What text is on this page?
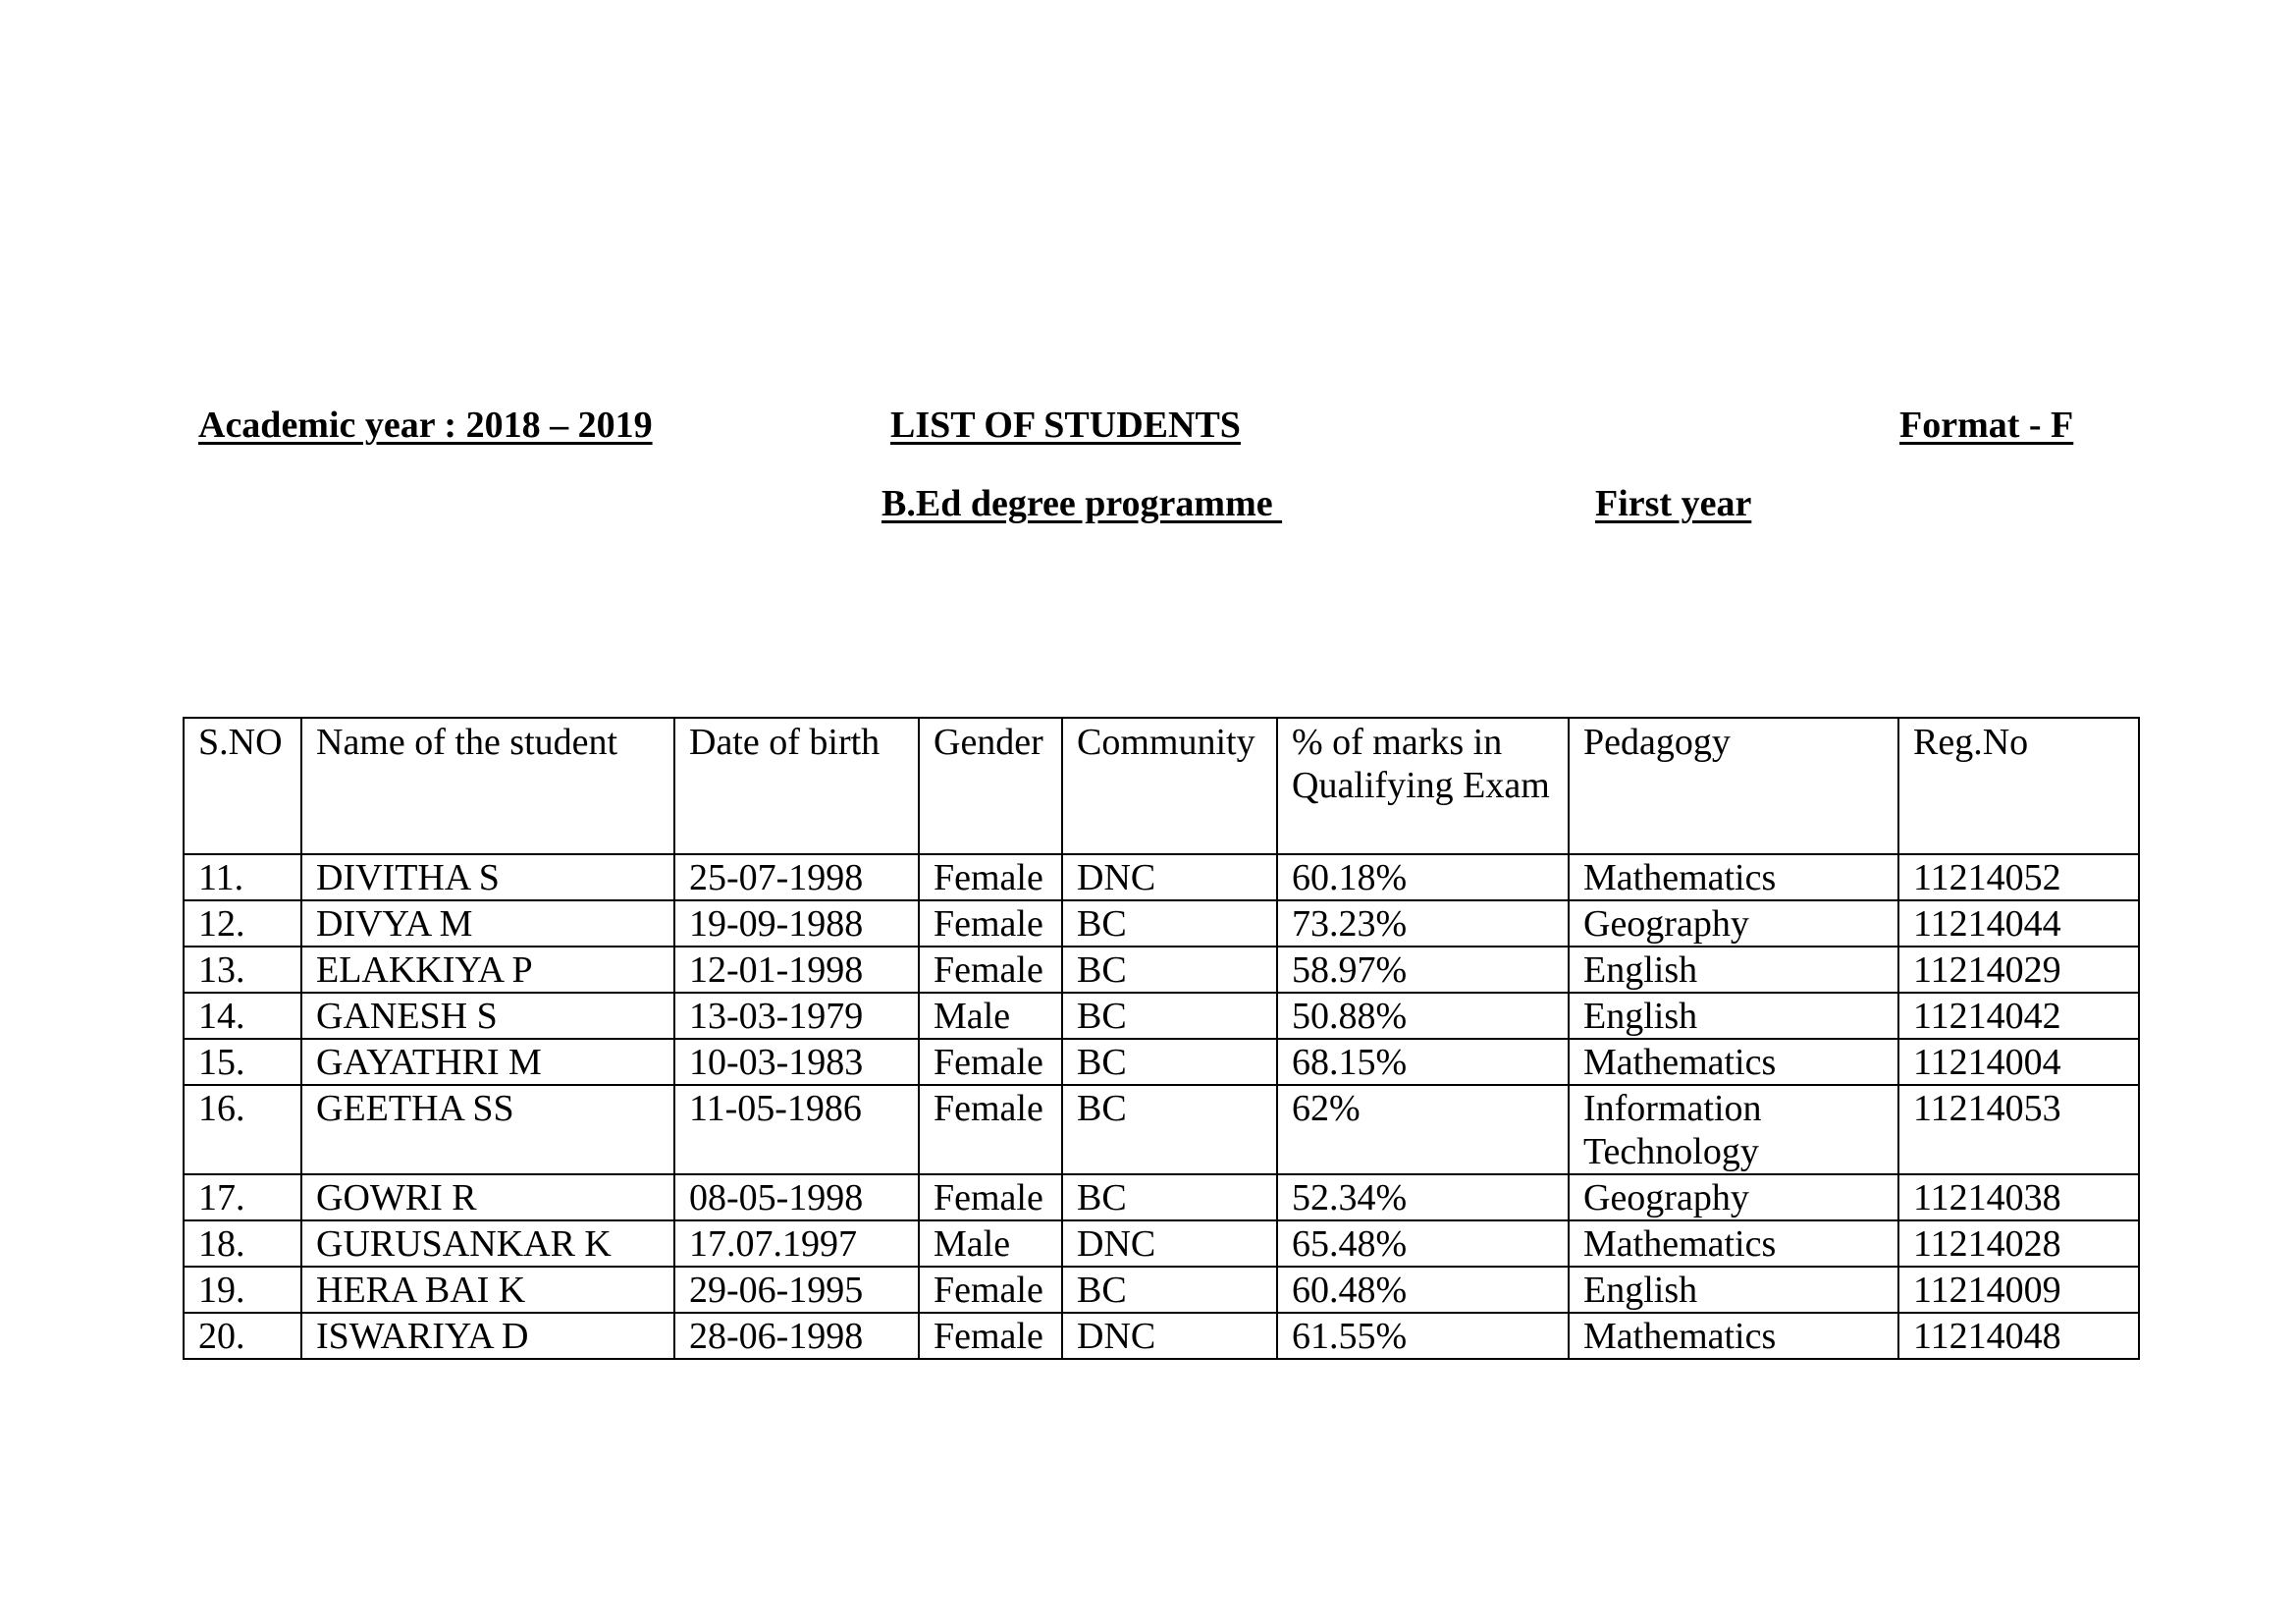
Academic year : 2018 – 2019	LIST OF STUDENTS	Format - F
B.Ed degree programme	First year
S.NO	Name of the student	Date of birth	Gender	Community	% of marks in Qualifying Exam	Pedagogy	Reg.No
11.	DIVITHA S	25-07-1998	Female	DNC	60.18%	Mathematics	11214052
12.	DIVYA M	19-09-1988	Female	BC	73.23%	Geography	11214044
13.	ELAKKIYA P	12-01-1998	Female	BC	58.97%	English	11214029
14.	GANESH S	13-03-1979	Male	BC	50.88%	English	11214042
15.	GAYATHRI M	10-03-1983	Female	BC	68.15%	Mathematics	11214004
16.	GEETHA SS	11-05-1986	Female	BC	62%	Information Technology	11214053
17.	GOWRI R	08-05-1998	Female	BC	52.34%	Geography	11214038
18.	GURUSANKAR K	17.07.1997	Male	DNC	65.48%	Mathematics	11214028
19.	HERA BAI K	29-06-1995	Female	BC	60.48%	English	11214009
20.	ISWARIYA D	28-06-1998	Female	DNC	61.55%	Mathematics	11214048
